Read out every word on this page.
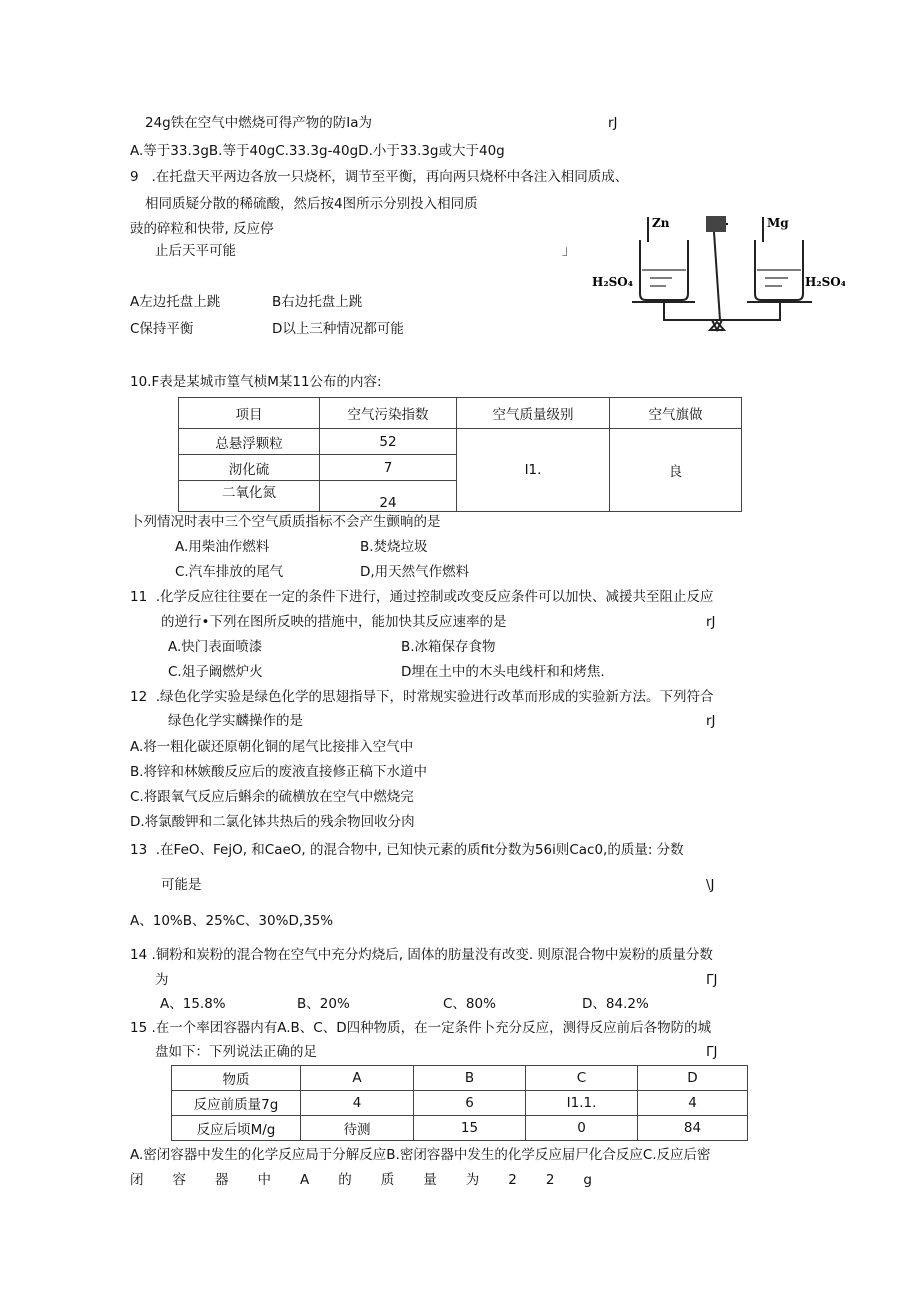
24g铁在空气中燃烧可得产物的防Ia为	rJ
A.等于33.3gB.等于40gC.33.3g-40gD.小于33.3g或大于40g
9   .在托盘天平两边各放一只烧杯，调节至平衡，再向两只烧杯中各注入相同质成、
相同质疑分散的稀硫酸，然后按4图所示分别投入相同质
豉的碎粒和快带, 反应停
止后天平可能	」
A左边托盘上跳	B右边托盘上跳
C保持平衡	D以上三种情况都可能
Zn	Mg
H₂SO₄	H₂SO₄
10.F表是某城市篁气桢M某11公布的内容:
项目	空气污染指数	空气质量级别	空气旗做
总悬浮颗粒	52	I1.	良
沏化硫	7		
二氧化氮	24		
卜列情况时表中三个空气质质指标不会产生颤晌的是
A.用柴油作燃料	B.焚烧垃圾
C.汽车排放的尾气	D,用天然气作燃料
11  .化学反应往往要在一定的条件下进行，通过控制或改变反应条件可以加快、减援共至阻止反应
的逆行•下列在图所反映的措施中，能加快其反应速率的是	rJ
A.快门表面喷漆	B.冰箱保存食物
C.俎子阚燃炉火	D埋在土中的木头电线杆和和烤焦.
12  .绿色化学实验是绿色化学的思翅指导下，时常规实验进行改革而形成的实验新方法。下列符合
绿色化学实麟操作的是	rJ
A.将一粗化碳还原朝化铜的尾气比接排入空气中
B.将锌和林嫉酸反应后的废液直接修正稿下水道中
C.将跟氧气反应后蝌余的硫横放在空气中燃烧完
D.将氯酸钾和二氯化钵共热后的残余物回收分肉
13  .在FeO、FejO, 和CaeO, 的混合物中, 已知快元素的质fit分数为56i则Cac0,的质量: 分数
可能是	\J
A、10%B、25%C、30%D,35%
14 .铜粉和炭粉的混合物在空气中充分灼烧后, 固体的肪量没有改变. 则原混合物中炭粉的质量分数
为	ΓJ
A、15.8%	B、20%	C、80%	D、84.2%
15 .在一个率团容器内有A.B、C、D四种物质，在一定条件卜充分反应，测得反应前后各物防的城
盘如下：下列说法正确的足	ΓJ
物质	A	B	C	D
反应前质量7g	4	6	I1.1.	4
反应后顷M/g	待测	15	0	84
A.密闭容器中发生的化学反应局于分解反应B.密闭容器中发生的化学反应屇尸化合反应C.反应后密
闭容器中A的质量为22g
